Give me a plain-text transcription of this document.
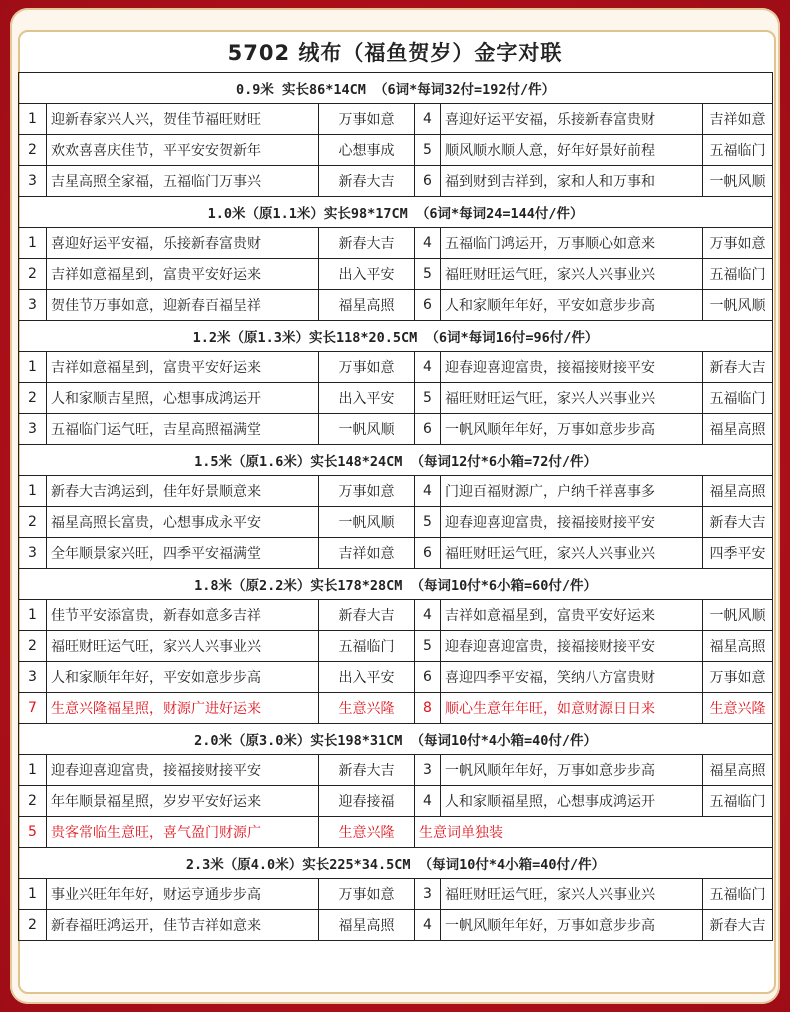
5702 绒布（福鱼贺岁）金字对联
0.9米 实长86*14CM （6词*每词32付=192付/件）					
1	迎新春家兴人兴，贺佳节福旺财旺	万事如意	4	喜迎好运平安福，乐接新春富贵财	吉祥如意
2	欢欢喜喜庆佳节，平平安安贺新年	心想事成	5	顺风顺水顺人意，好年好景好前程	五福临门
3	吉星高照全家福，五福临门万事兴	新春大吉	6	福到财到吉祥到，家和人和万事和	一帆风顺
1.0米（原1.1米）实长98*17CM （6词*每词24=144付/件）					
1	喜迎好运平安福，乐接新春富贵财	新春大吉	4	五福临门鸿运开，万事顺心如意来	万事如意
2	吉祥如意福星到，富贵平安好运来	出入平安	5	福旺财旺运气旺，家兴人兴事业兴	五福临门
3	贺佳节万事如意，迎新春百福呈祥	福星高照	6	人和家顺年年好，平安如意步步高	一帆风顺
1.2米（原1.3米）实长118*20.5CM （6词*每词16付=96付/件）					
1	吉祥如意福星到，富贵平安好运来	万事如意	4	迎春迎喜迎富贵，接福接财接平安	新春大吉
2	人和家顺吉星照，心想事成鸿运开	出入平安	5	福旺财旺运气旺，家兴人兴事业兴	五福临门
3	五福临门运气旺，吉星高照福满堂	一帆风顺	6	一帆风顺年年好，万事如意步步高	福星高照
1.5米（原1.6米）实长148*24CM （每词12付*6小箱=72付/件）					
1	新春大吉鸿运到，佳年好景顺意来	万事如意	4	门迎百福财源广，户纳千祥喜事多	福星高照
2	福星高照长富贵，心想事成永平安	一帆风顺	5	迎春迎喜迎富贵，接福接财接平安	新春大吉
3	全年顺景家兴旺，四季平安福满堂	吉祥如意	6	福旺财旺运气旺，家兴人兴事业兴	四季平安
1.8米（原2.2米）实长178*28CM （每词10付*6小箱=60付/件）					
1	佳节平安添富贵，新春如意多吉祥	新春大吉	4	吉祥如意福星到，富贵平安好运来	一帆风顺
2	福旺财旺运气旺，家兴人兴事业兴	五福临门	5	迎春迎喜迎富贵，接福接财接平安	福星高照
3	人和家顺年年好，平安如意步步高	出入平安	6	喜迎四季平安福，笑纳八方富贵财	万事如意
7	生意兴隆福星照，财源广进好运来	生意兴隆	8	顺心生意年年旺，如意财源日日来	生意兴隆
2.0米（原3.0米）实长198*31CM （每词10付*4小箱=40付/件）					
1	迎春迎喜迎富贵，接福接财接平安	新春大吉	3	一帆风顺年年好，万事如意步步高	福星高照
2	年年顺景福星照，岁岁平安好运来	迎春接福	4	人和家顺福星照，心想事成鸿运开	五福临门
5	贵客常临生意旺，喜气盈门财源广	生意兴隆	生意词单独装		
2.3米（原4.0米）实长225*34.5CM （每词10付*4小箱=40付/件）					
1	事业兴旺年年好，财运亨通步步高	万事如意	3	福旺财旺运气旺，家兴人兴事业兴	五福临门
2	新春福旺鸿运开，佳节吉祥如意来	福星高照	4	一帆风顺年年好，万事如意步步高	新春大吉
